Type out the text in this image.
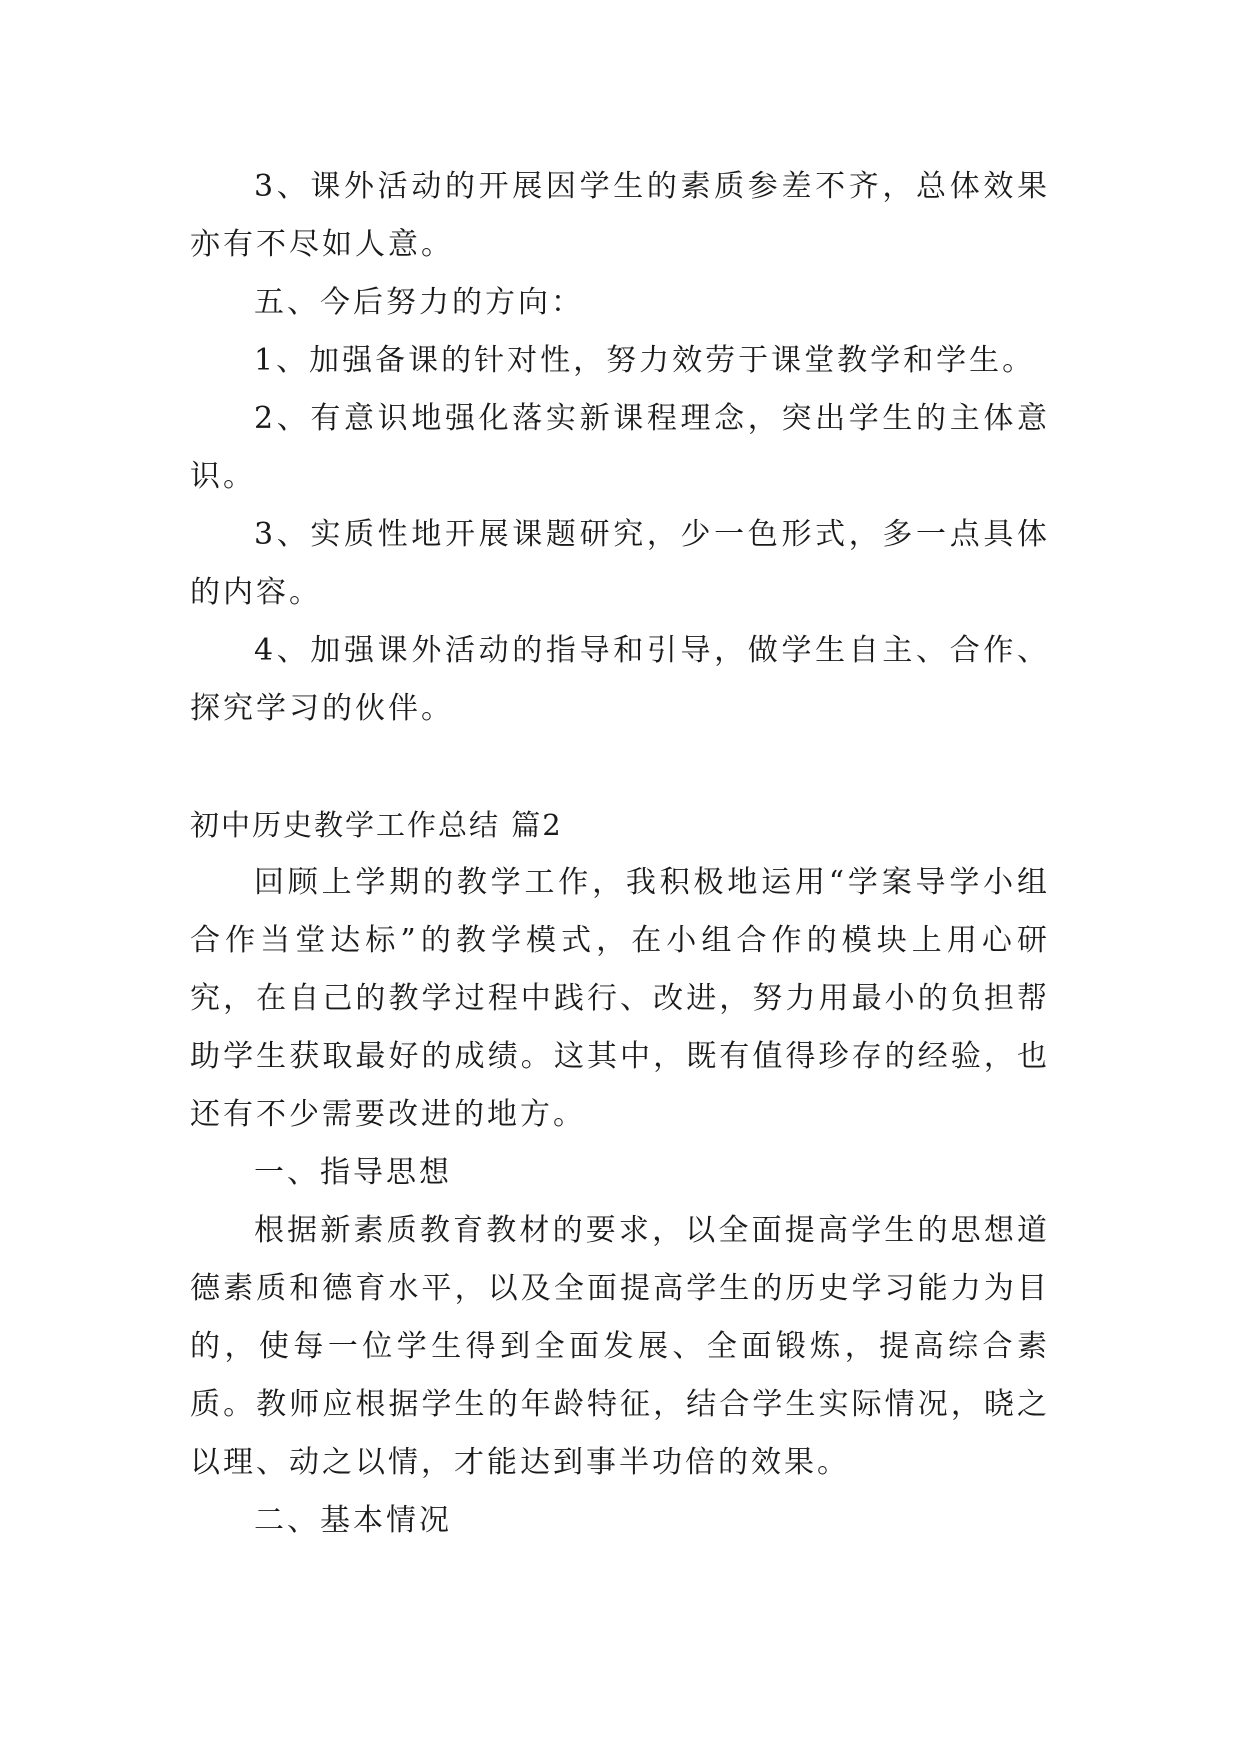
3、课外活动的开展因学生的素质参差不齐，总体效果亦有不尽如人意。

五、今后努力的方向：

1、加强备课的针对性，努力效劳于课堂教学和学生。

2、有意识地强化落实新课程理念，突出学生的主体意识。

3、实质性地开展课题研究，少一色形式，多一点具体的内容。

4、加强课外活动的指导和引导，做学生自主、合作、探究学习的伙伴。

初中历史教学工作总结 篇2

回顾上学期的教学工作，我积极地运用“学案导学小组合作当堂达标”的教学模式，在小组合作的模块上用心研究，在自己的教学过程中践行、改进，努力用最小的负担帮助学生获取最好的成绩。这其中，既有值得珍存的经验，也还有不少需要改进的地方。

一、指导思想

根据新素质教育教材的要求，以全面提高学生的思想道德素质和德育水平，以及全面提高学生的历史学习能力为目的，使每一位学生得到全面发展、全面锻炼，提高综合素质。教师应根据学生的年龄特征，结合学生实际情况，晓之以理、动之以情，才能达到事半功倍的效果。

二、基本情况
